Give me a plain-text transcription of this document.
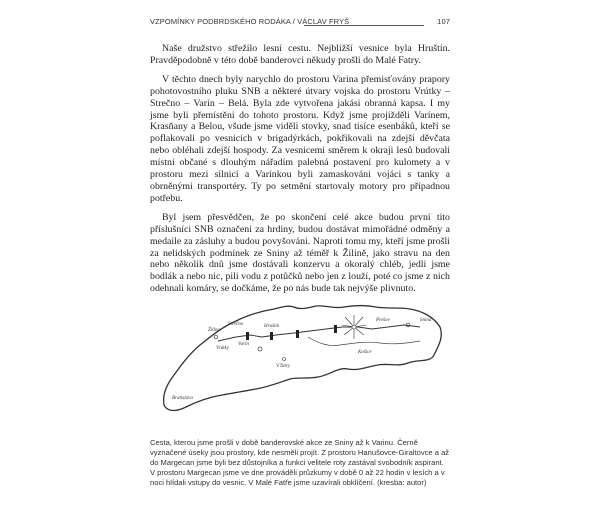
VZPOMÍNKY PODBRDSKÉHO RODÁKA / VÁCLAV FRYŠ	107

Naše družstvo střežilo lesní cestu. Nejbližší vesnice byla Hruštín. Pravděpodobně v této době banderovci někudy prošli do Malé Fatry.

V těchto dnech byly narychlo do prostoru Varina přemisťovány prapory pohotovostního pluku SNB a některé útvary vojska do prostoru Vrútky – Strečno – Varín – Belá. Byla zde vytvořena jakási obranná kapsa. I my jsme byli přemístěni do tohoto prostoru. Když jsme projížděli Varínem, Krasňany a Belou, všude jsme viděli stovky, snad tisíce esenbáků, kteří se poflakovali po vesnicích v brigadýrkách, pokřikovali na zdejší děvčata nebo obléhali zdejší hospody. Za vesnicemi směrem k okraji lesů budovali místní občané s dlouhým nářadím palebná postavení pro kulomety a v prostoru mezi silnicí a Varínkou byli zamaskováni vojáci s tanky a obrněnými transportéry. Ty po setmění startovaly motory pro případnou potřebu.

Byl jsem přesvědčen, že po skončení celé akce budou první tito příslušníci SNB označeni za hrdiny, budou dostávat mimořádné odměny a medaile za zásluhy a budou povyšováni. Naproti tomu my, kteří jsme prošli za nelidských podmínek ze Sniny až téměř k Žilině, jako stravu na den nebo několik dnů jsme dostávali konzervu a okoralý chléb, jedli jsme bodlák a nebo nic, pili vodu z potůčků nebo jen z louží, poté co jsme z nich odehnali komáry, se dočkáme, že po nás bude tak nejvýše plivnuto.

Žilina
Varín
Strečno
Vrútky
Hruštín
Snina
V.Tatry
Prešov
Košice
Bratislava
Cesta, kterou jsme prošli v době banderovské akce ze Sniny až k Varinu. Černě vyznačené úseky jsou prostory, kde nesměli projít. Z prostoru Hanušovce-Giraltovce a až do Margecan jsme byli bez důstojníka a funkci velitele roty zastával svobodník aspirant. V prostoru Margecan jsme ve dne prováděli průzkumy v době 0 až 22 hodin v lesích a v noci hlídali vstupy do vesnic. V Malé Fatře jsme uzavírali obklíčení. (kresba: autor)
